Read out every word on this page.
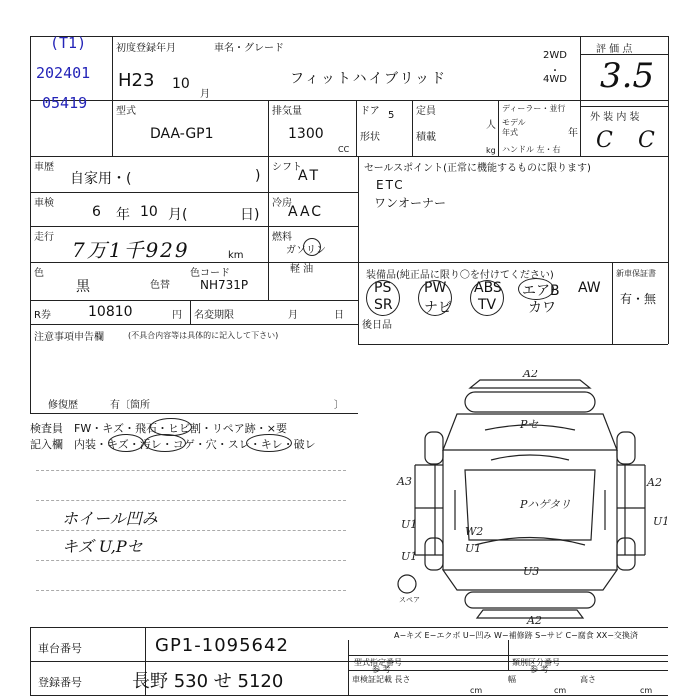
(T1)
202401
05419
初度登録年月	車名・グレード
H23 10
月
フィットハイブリッド
2WD
・
4WD
評 価 点
3.5
型式
DAA-GP1
排気量
1300
CC
ドア 5
形状
定員
人
積載
kg
ディーラー・並行
モデル
年式	年
ハンドル 左・右
外 装 内 装
C C
車歴
自家用・(	)
シフト
AT
車検
6 年 10 月(	日)
冷房
AAC
走行
7万1千929	km
燃料
ガソリン
軽 油
色
黒	色替
色コード
NH731P
R券	10810	円 名変期限	月	日
注意事項申告欄	(不具合内容等は具体的に記入して下さい)
修復歴	有〔箇所	〕
セールスポイント(正常に機能するものに限ります)
ETC
ワンオーナー
装備品(純正品に限り〇を付けてください)
PS PW ABS エアB AW
SR ナビ TV カワ
後日品
新車保証書
有・無
検査員 FW・キズ・飛石・ヒビ割・リペア跡・×要
記入欄 内装・キズ・汚レ・コゲ・穴・スレ・キレ・破レ
ホイール凹み
キズ U,Pセ
A2
Pセ
A3
U1
Pハゲタリ
W2
U1
A2
U1
U1
U3
A2
スペア
A−キズ E−エクボ U−凹み W−補修跡 S−サビ C−腐食 XX−交換済
車台番号	GP1-1095642
登録番号	長野 530 せ 5120
型式指定番号
参 考
類別区分番号
参 考
車検証記載 長さ
cm
幅
cm
高さ
cm
